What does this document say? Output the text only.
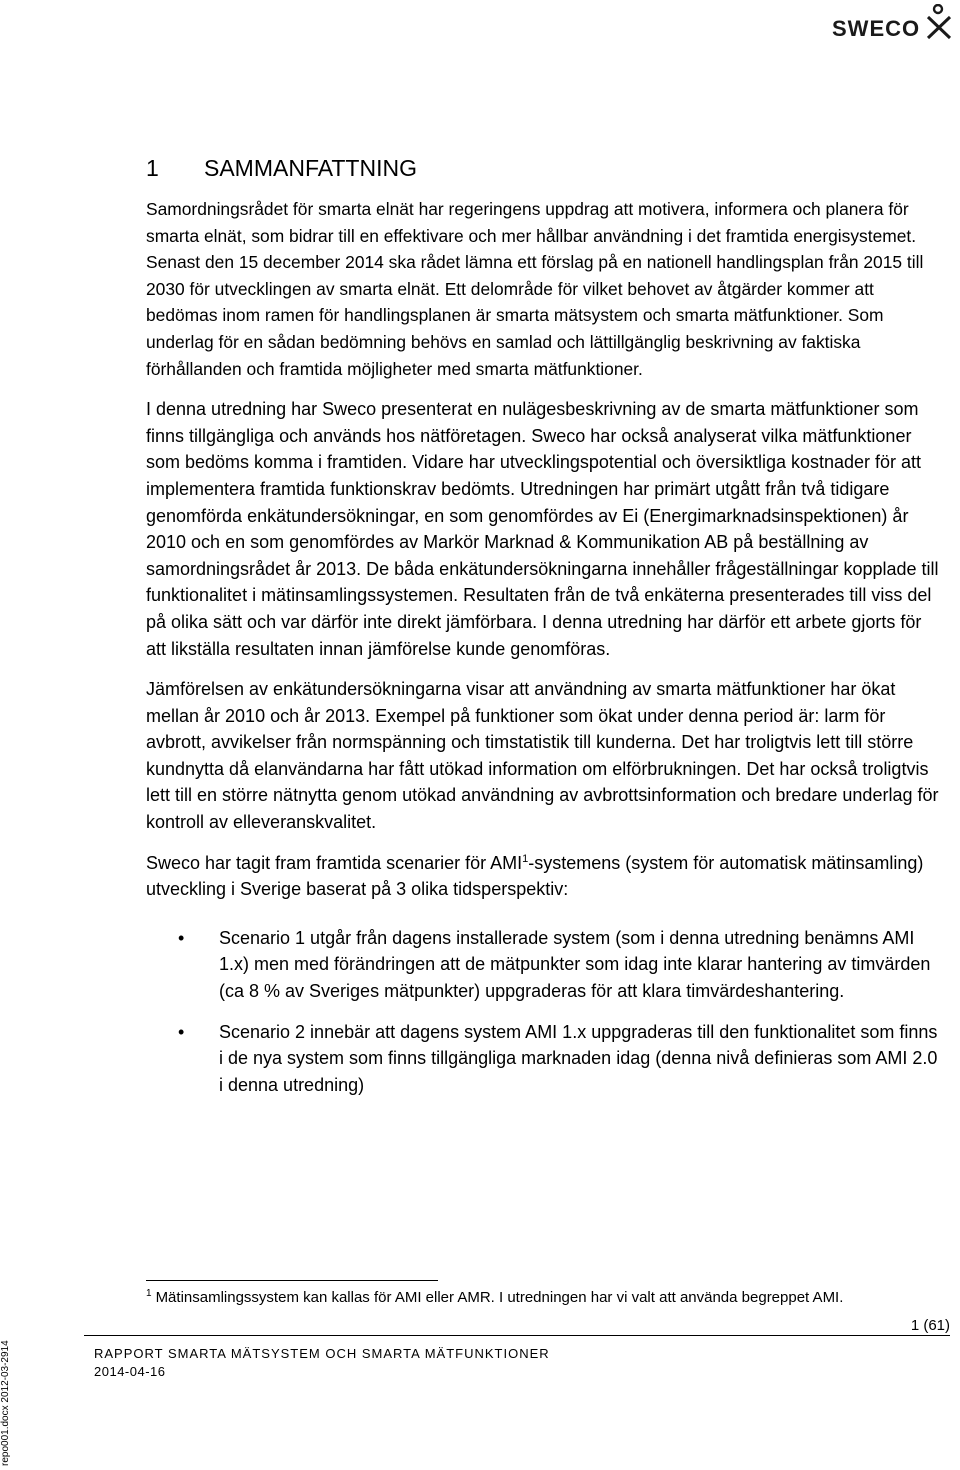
SWECO
1 SAMMANFATTNING

Samordningsrådet för smarta elnät har regeringens uppdrag att motivera, informera och planera för smarta elnät, som bidrar till en effektivare och mer hållbar användning i det framtida energisystemet. Senast den 15 december 2014 ska rådet lämna ett förslag på en nationell handlingsplan från 2015 till 2030 för utvecklingen av smarta elnät. Ett delområde för vilket behovet av åtgärder kommer att bedömas inom ramen för handlingsplanen är smarta mätsystem och smarta mätfunktioner. Som underlag för en sådan bedömning behövs en samlad och lättillgänglig beskrivning av faktiska förhållanden och framtida möjligheter med smarta mätfunktioner.

I denna utredning har Sweco presenterat en nulägesbeskrivning av de smarta mätfunktioner som finns tillgängliga och används hos nätföretagen. Sweco har också analyserat vilka mätfunktioner som bedöms komma i framtiden. Vidare har utvecklingspotential och översiktliga kostnader för att implementera framtida funktionskrav bedömts. Utredningen har primärt utgått från två tidigare genomförda enkätundersökningar, en som genomfördes av Ei (Energimarknadsinspektionen) år 2010 och en som genomfördes av Markör Marknad & Kommunikation AB på beställning av samordningsrådet år 2013. De båda enkätundersökningarna innehåller frågeställningar kopplade till funktionalitet i mätinsamlingssystemen. Resultaten från de två enkäterna presenterades till viss del på olika sätt och var därför inte direkt jämförbara. I denna utredning har därför ett arbete gjorts för att likställa resultaten innan jämförelse kunde genomföras.

Jämförelsen av enkätundersökningarna visar att användning av smarta mätfunktioner har ökat mellan år 2010 och år 2013. Exempel på funktioner som ökat under denna period är: larm för avbrott, avvikelser från normspänning och timstatistik till kunderna. Det har troligtvis lett till större kundnytta då elanvändarna har fått utökad information om elförbrukningen. Det har också troligtvis lett till en större nätnytta genom utökad användning av avbrottsinformation och bredare underlag för kontroll av elleveranskvalitet.

Sweco har tagit fram framtida scenarier för AMI$^1$-systemens (system för automatisk mätinsamling) utveckling i Sverige baserat på 3 olika tidsperspektiv:

• Scenario 1 utgår från dagens installerade system (som i denna utredning benämns AMI 1.x) men med förändringen att de mätpunkter som idag inte klarar hantering av timvärden (ca 8 % av Sveriges mätpunkter) uppgraderas för att klara timvärdeshantering.
• Scenario 2 innebär att dagens system AMI 1.x uppgraderas till den funktionalitet som finns i de nya system som finns tillgängliga marknaden idag (denna nivå definieras som AMI 2.0 i denna utredning)
$^1$ Mätinsamlingssystem kan kallas för AMI eller AMR. I utredningen har vi valt att använda begreppet AMI.
1 (61)
RAPPORT SMARTA MÄTSYSTEM OCH SMARTA MÄTFUNKTIONER
2014-04-16
repo001.docx 2012-03-2914
